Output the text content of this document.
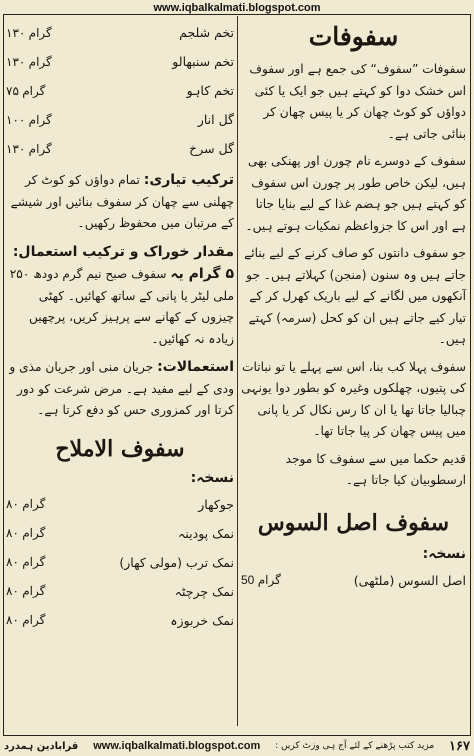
www.iqbalkalmati.blogspot.com
سفوفات

سفوفات ”سفوف“ کی جمع ہے اور سفوف اس خشک دوا کو کہتے ہیں جو ایک یا کئی دواؤں کو کوٹ چھان کر یا پیس چھان کر بنائی جاتی ہے۔

سفوف کے دوسرے نام چورن اور پھنکی بھی ہیں، لیکن خاص طور پر چورن اس سفوف کو کہتے ہیں جو ہضم غذا کے لیے بنایا جاتا ہے اور اس کا جزواعظم نمکیات ہوتے ہیں۔

جو سفوف دانتوں کو صاف کرنے کے لیے بنائے جاتے ہیں وہ سنون (منجن) کہلاتے ہیں۔ جو آنکھوں میں لگانے کے لیے باریک کھرل کر کے تیار کیے جاتے ہیں ان کو کحل (سرمہ) کہتے ہیں۔

سفوف پہلا کب بنا، اس سے پہلے یا تو نباتات کی پتیوں، چھلکوں وغیرہ کو بطور دوا یونہی چبالیا جاتا تھا یا ان کا رس نکال کر یا پانی میں پیس چھان کر پیا جاتا تھا۔

قدیم حکما میں سے سفوف کا موجد ارسطوبیان کیا جاتا ہے۔

سفوف اصل السوس
نسخہ:
اصل السوس (ملٹھی)
50 گرام
تخم شلجم
۱۳۰ گرام
تخم سنبھالو
۱۳۰ گرام
تخم کاہو
۷۵ گرام
گل انار
۱۰۰ گرام
گل سرخ
۱۳۰ گرام

ترکیب تیاری: تمام دواؤں کو کوٹ کر چھلنی سے چھان کر سفوف بنائیں اور شیشے کے مرتبان میں محفوظ رکھیں۔

مقدار خوراک و ترکیب استعمال: ۵ گرام یہ سفوف صبح نیم گرم دودھ ۲۵۰ ملی لیٹر یا پانی کے ساتھ کھائیں۔ کھٹی چیزوں کے کھانے سے پرہیز کریں، پرچھیں زیادہ نہ کھائیں۔

استعمالات: جریان منی اور جریان مذی و ودی کے لیے مفید ہے۔ مرض شرعت کو دور کرتا اور کمزوری حس کو دفع کرتا ہے۔

سفوف الاملاح
نسخہ:
جوکھار
۸۰ گرام
نمک پودینہ
۸۰ گرام
نمک ترب (مولی کھار)
۸۰ گرام
نمک چرچٹہ
۸۰ گرام
نمک خربوزہ
۸۰ گرام
۱۶۷
مزید کتب پڑھنے کے لئے آج ہی وزٹ کریں :
www.iqbalkalmati.blogspot.com
قرابادین ہمدرد
